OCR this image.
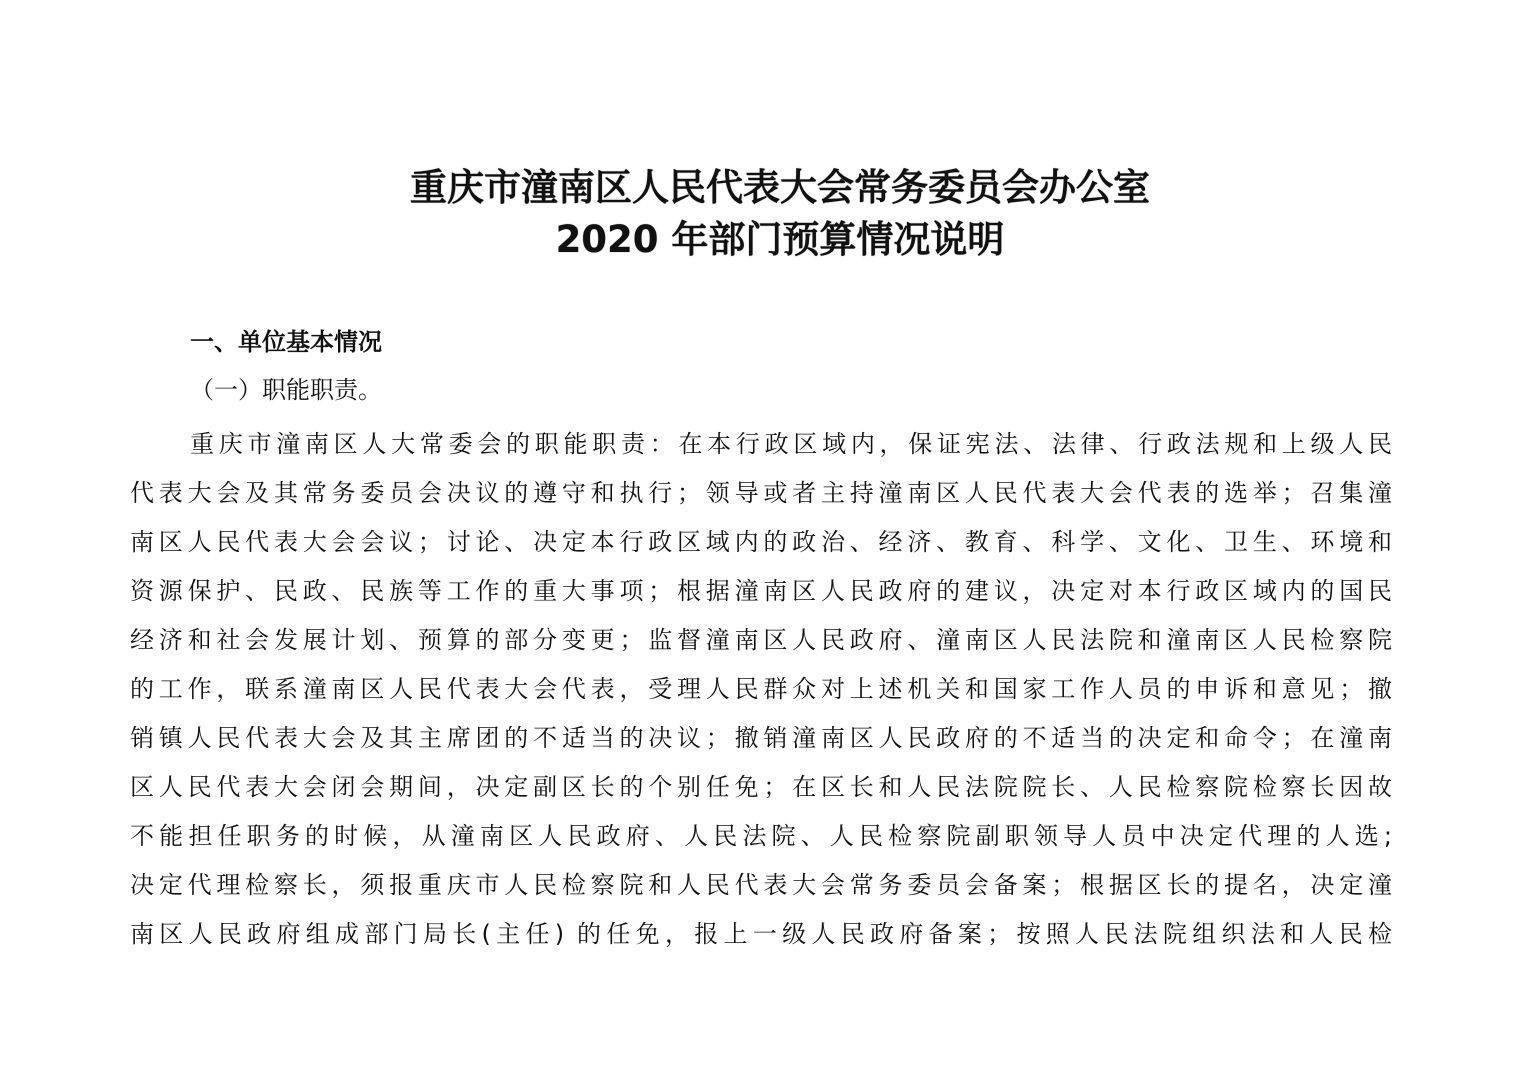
重庆市潼南区人民代表大会常务委员会办公室
2020 年部门预算情况说明
一、单位基本情况
（一）职能职责。
重庆市潼南区人大常委会的职能职责：在本行政区域内，保证宪法、法律、行政法规和上级人民
代表大会及其常务委员会决议的遵守和执行；领导或者主持潼南区人民代表大会代表的选举；召集潼
南区人民代表大会会议；讨论、决定本行政区域内的政治、经济、教育、科学、文化、卫生、环境和
资源保护、民政、民族等工作的重大事项；根据潼南区人民政府的建议，决定对本行政区域内的国民
经济和社会发展计划、预算的部分变更；监督潼南区人民政府、潼南区人民法院和潼南区人民检察院
的工作，联系潼南区人民代表大会代表，受理人民群众对上述机关和国家工作人员的申诉和意见；撤
销镇人民代表大会及其主席团的不适当的决议；撤销潼南区人民政府的不适当的决定和命令；在潼南
区人民代表大会闭会期间，决定副区长的个别任免；在区长和人民法院院长、人民检察院检察长因故
不能担任职务的时候，从潼南区人民政府、人民法院、人民检察院副职领导人员中决定代理的人选;
决定代理检察长，须报重庆市人民检察院和人民代表大会常务委员会备案；根据区长的提名，决定潼
南区人民政府组成部门局长(主任) 的任免，报上一级人民政府备案；按照人民法院组织法和人民检
